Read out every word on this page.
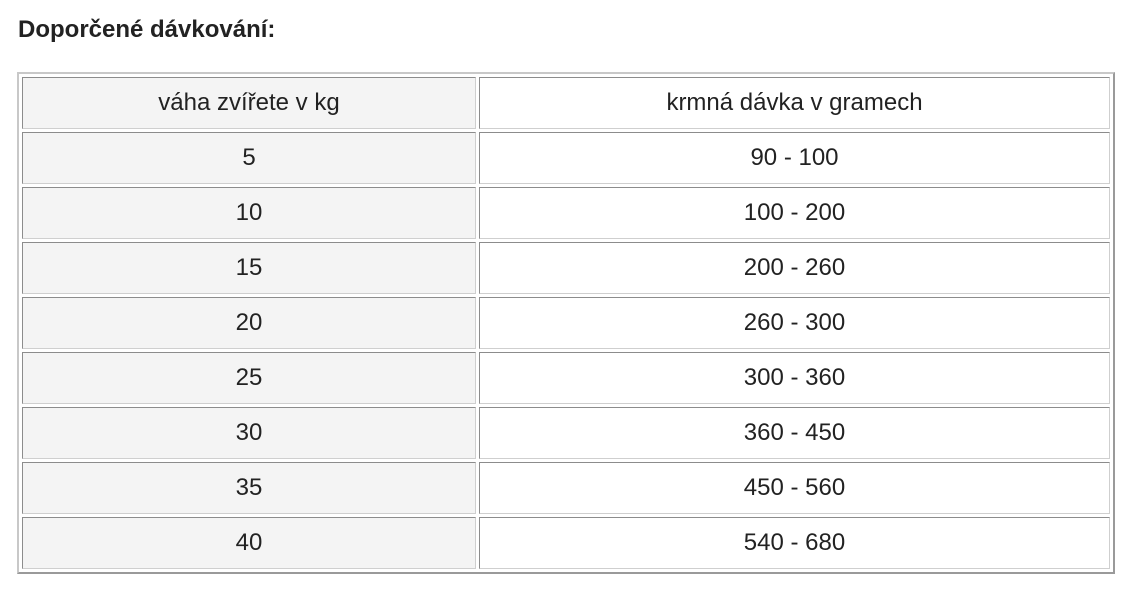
Doporčené dávkování:
váha zvířete v kg	krmná dávka v gramech
5	90 - 100
10	100 - 200
15	200 - 260
20	260 - 300
25	300 - 360
30	360 - 450
35	450 - 560
40	540 - 680
